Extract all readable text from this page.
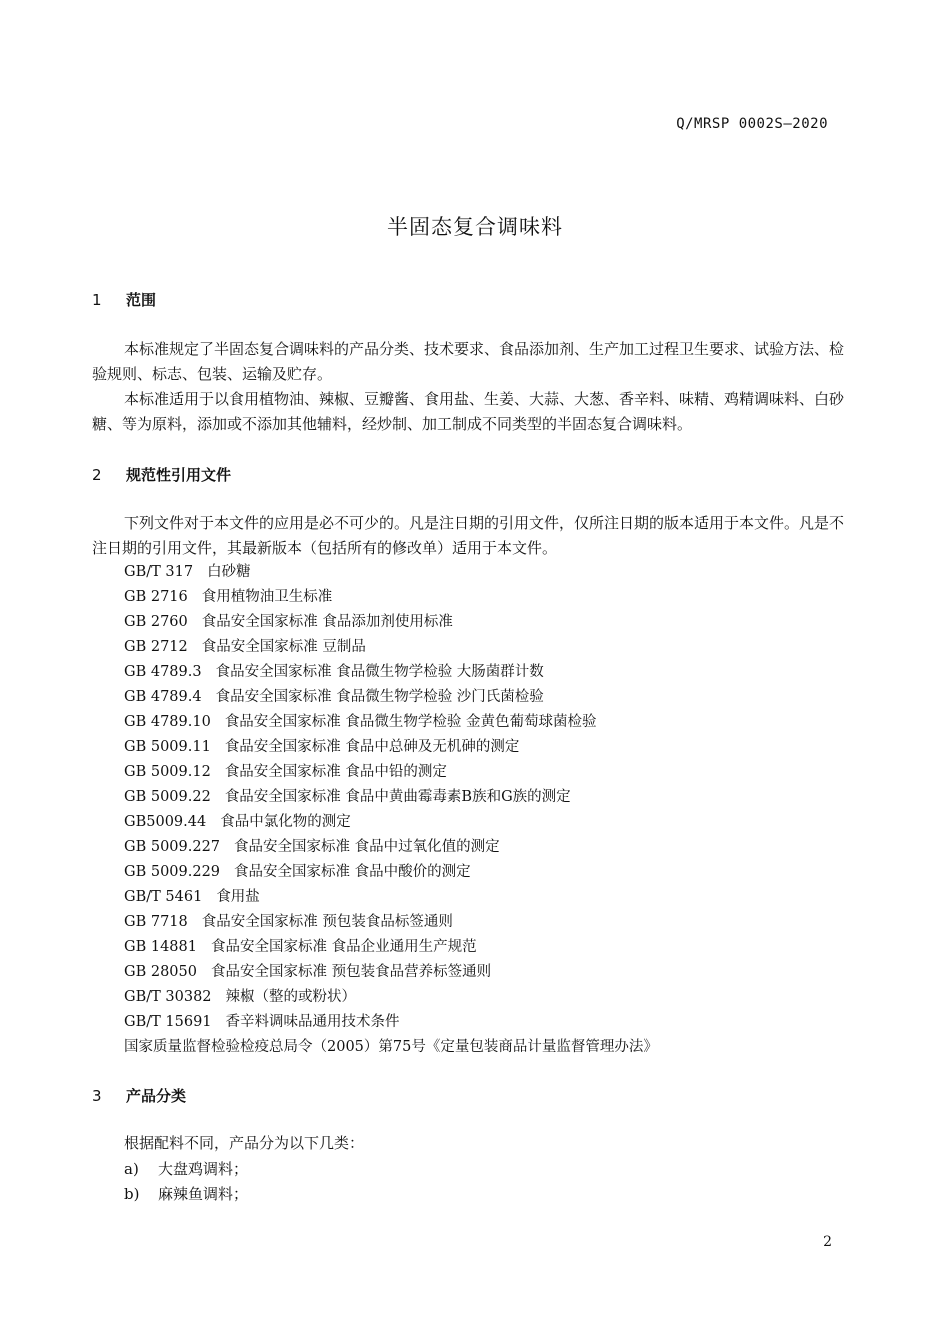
Q/MRSP 0002S—2020
半固态复合调味料
1 范围

本标准规定了半固态复合调味料的产品分类、技术要求、食品添加剂、生产加工过程卫生要求、试验方法、检验规则、标志、包装、运输及贮存。

本标准适用于以食用植物油、辣椒、豆瓣酱、食用盐、生姜、大蒜、大葱、香辛料、味精、鸡精调味料、白砂糖、等为原料，添加或不添加其他辅料，经炒制、加工制成不同类型的半固态复合调味料。

2 规范性引用文件

下列文件对于本文件的应用是必不可少的。凡是注日期的引用文件，仅所注日期的版本适用于本文件。凡是不注日期的引用文件，其最新版本（包括所有的修改单）适用于本文件。

GB/T 317 白砂糖
GB 2716 食用植物油卫生标准
GB 2760 食品安全国家标准 食品添加剂使用标准
GB 2712 食品安全国家标准 豆制品
GB 4789.3 食品安全国家标准 食品微生物学检验 大肠菌群计数
GB 4789.4 食品安全国家标准 食品微生物学检验 沙门氏菌检验
GB 4789.10 食品安全国家标准 食品微生物学检验 金黄色葡萄球菌检验
GB 5009.11 食品安全国家标准 食品中总砷及无机砷的测定
GB 5009.12 食品安全国家标准 食品中铅的测定
GB 5009.22 食品安全国家标准 食品中黄曲霉毒素B族和G族的测定
GB5009.44 食品中氯化物的测定
GB 5009.227 食品安全国家标准 食品中过氧化值的测定
GB 5009.229 食品安全国家标准 食品中酸价的测定
GB/T 5461 食用盐
GB 7718 食品安全国家标准 预包装食品标签通则
GB 14881 食品安全国家标准 食品企业通用生产规范
GB 28050 食品安全国家标准 预包装食品营养标签通则
GB/T 30382 辣椒（整的或粉状）
GB/T 15691 香辛料调味品通用技术条件
国家质量监督检验检疫总局令（2005）第75号《定量包装商品计量监督管理办法》
3 产品分类
根据配料不同，产品分为以下几类：
a) 大盘鸡调料；
b) 麻辣鱼调料；
2
